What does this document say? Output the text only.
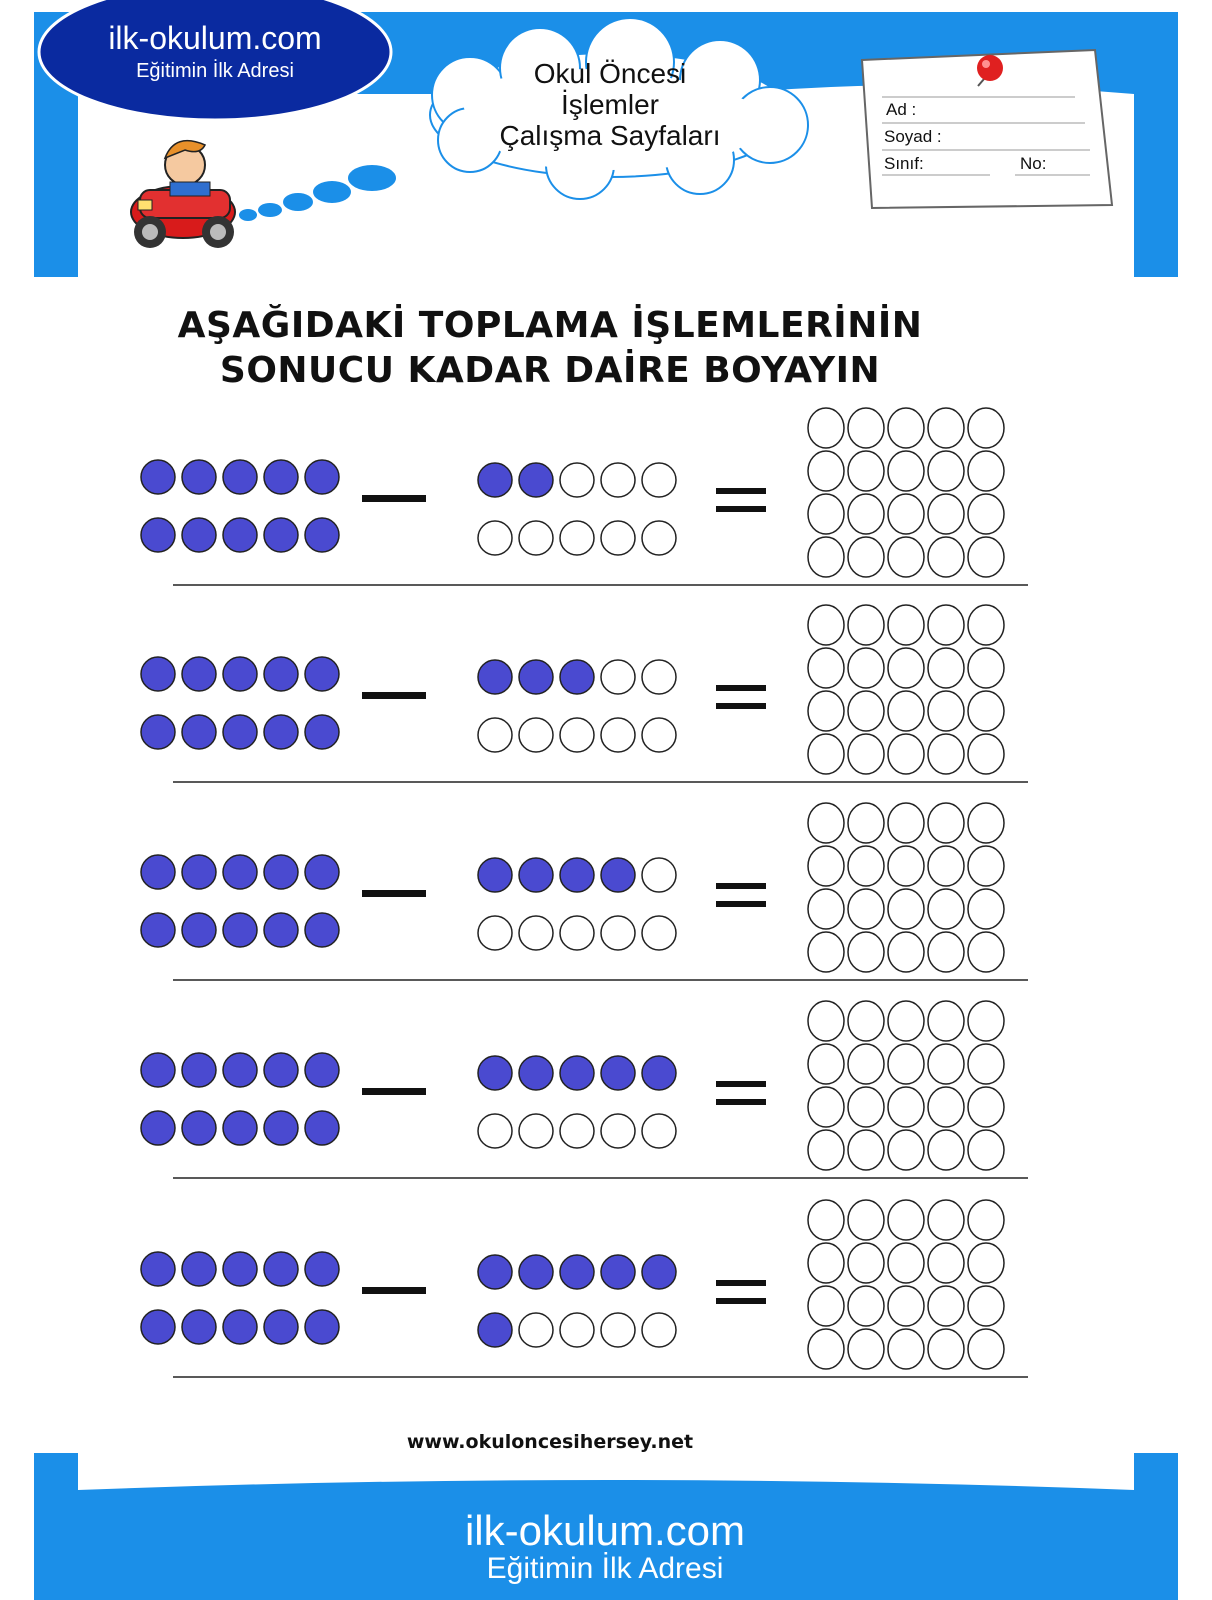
ilk-okulum.com
Eğitimin İlk Adresi	Okul Öncesi
İşlemler
Çalışma Sayfaları
Ad :
Soyad :
Sınıf:	No:
AŞAĞIDAKİ TOPLAMA İŞLEMLERİNİN
SONUCU KADAR DAİRE BOYAYIN
www.okuloncesihersey.net
ilk-okulum.com
Eğitimin İlk Adresi
